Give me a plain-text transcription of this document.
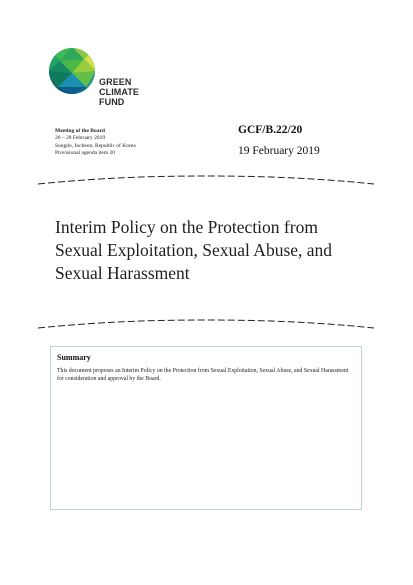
GREEN
CLIMATE
FUND
Meeting of the Board
26 – 28 February 2019
Songdo, Incheon, Republic of Korea
Provisional agenda item 20
GCF/B.22/20
19 February 2019
Interim Policy on the Protection from
Sexual Exploitation, Sexual Abuse, and
Sexual Harassment
Summary
This document proposes an Interim Policy on the Protection from Sexual Exploitation, Sexual Abuse, and Sexual Harassment for consideration and approval by the Board.
